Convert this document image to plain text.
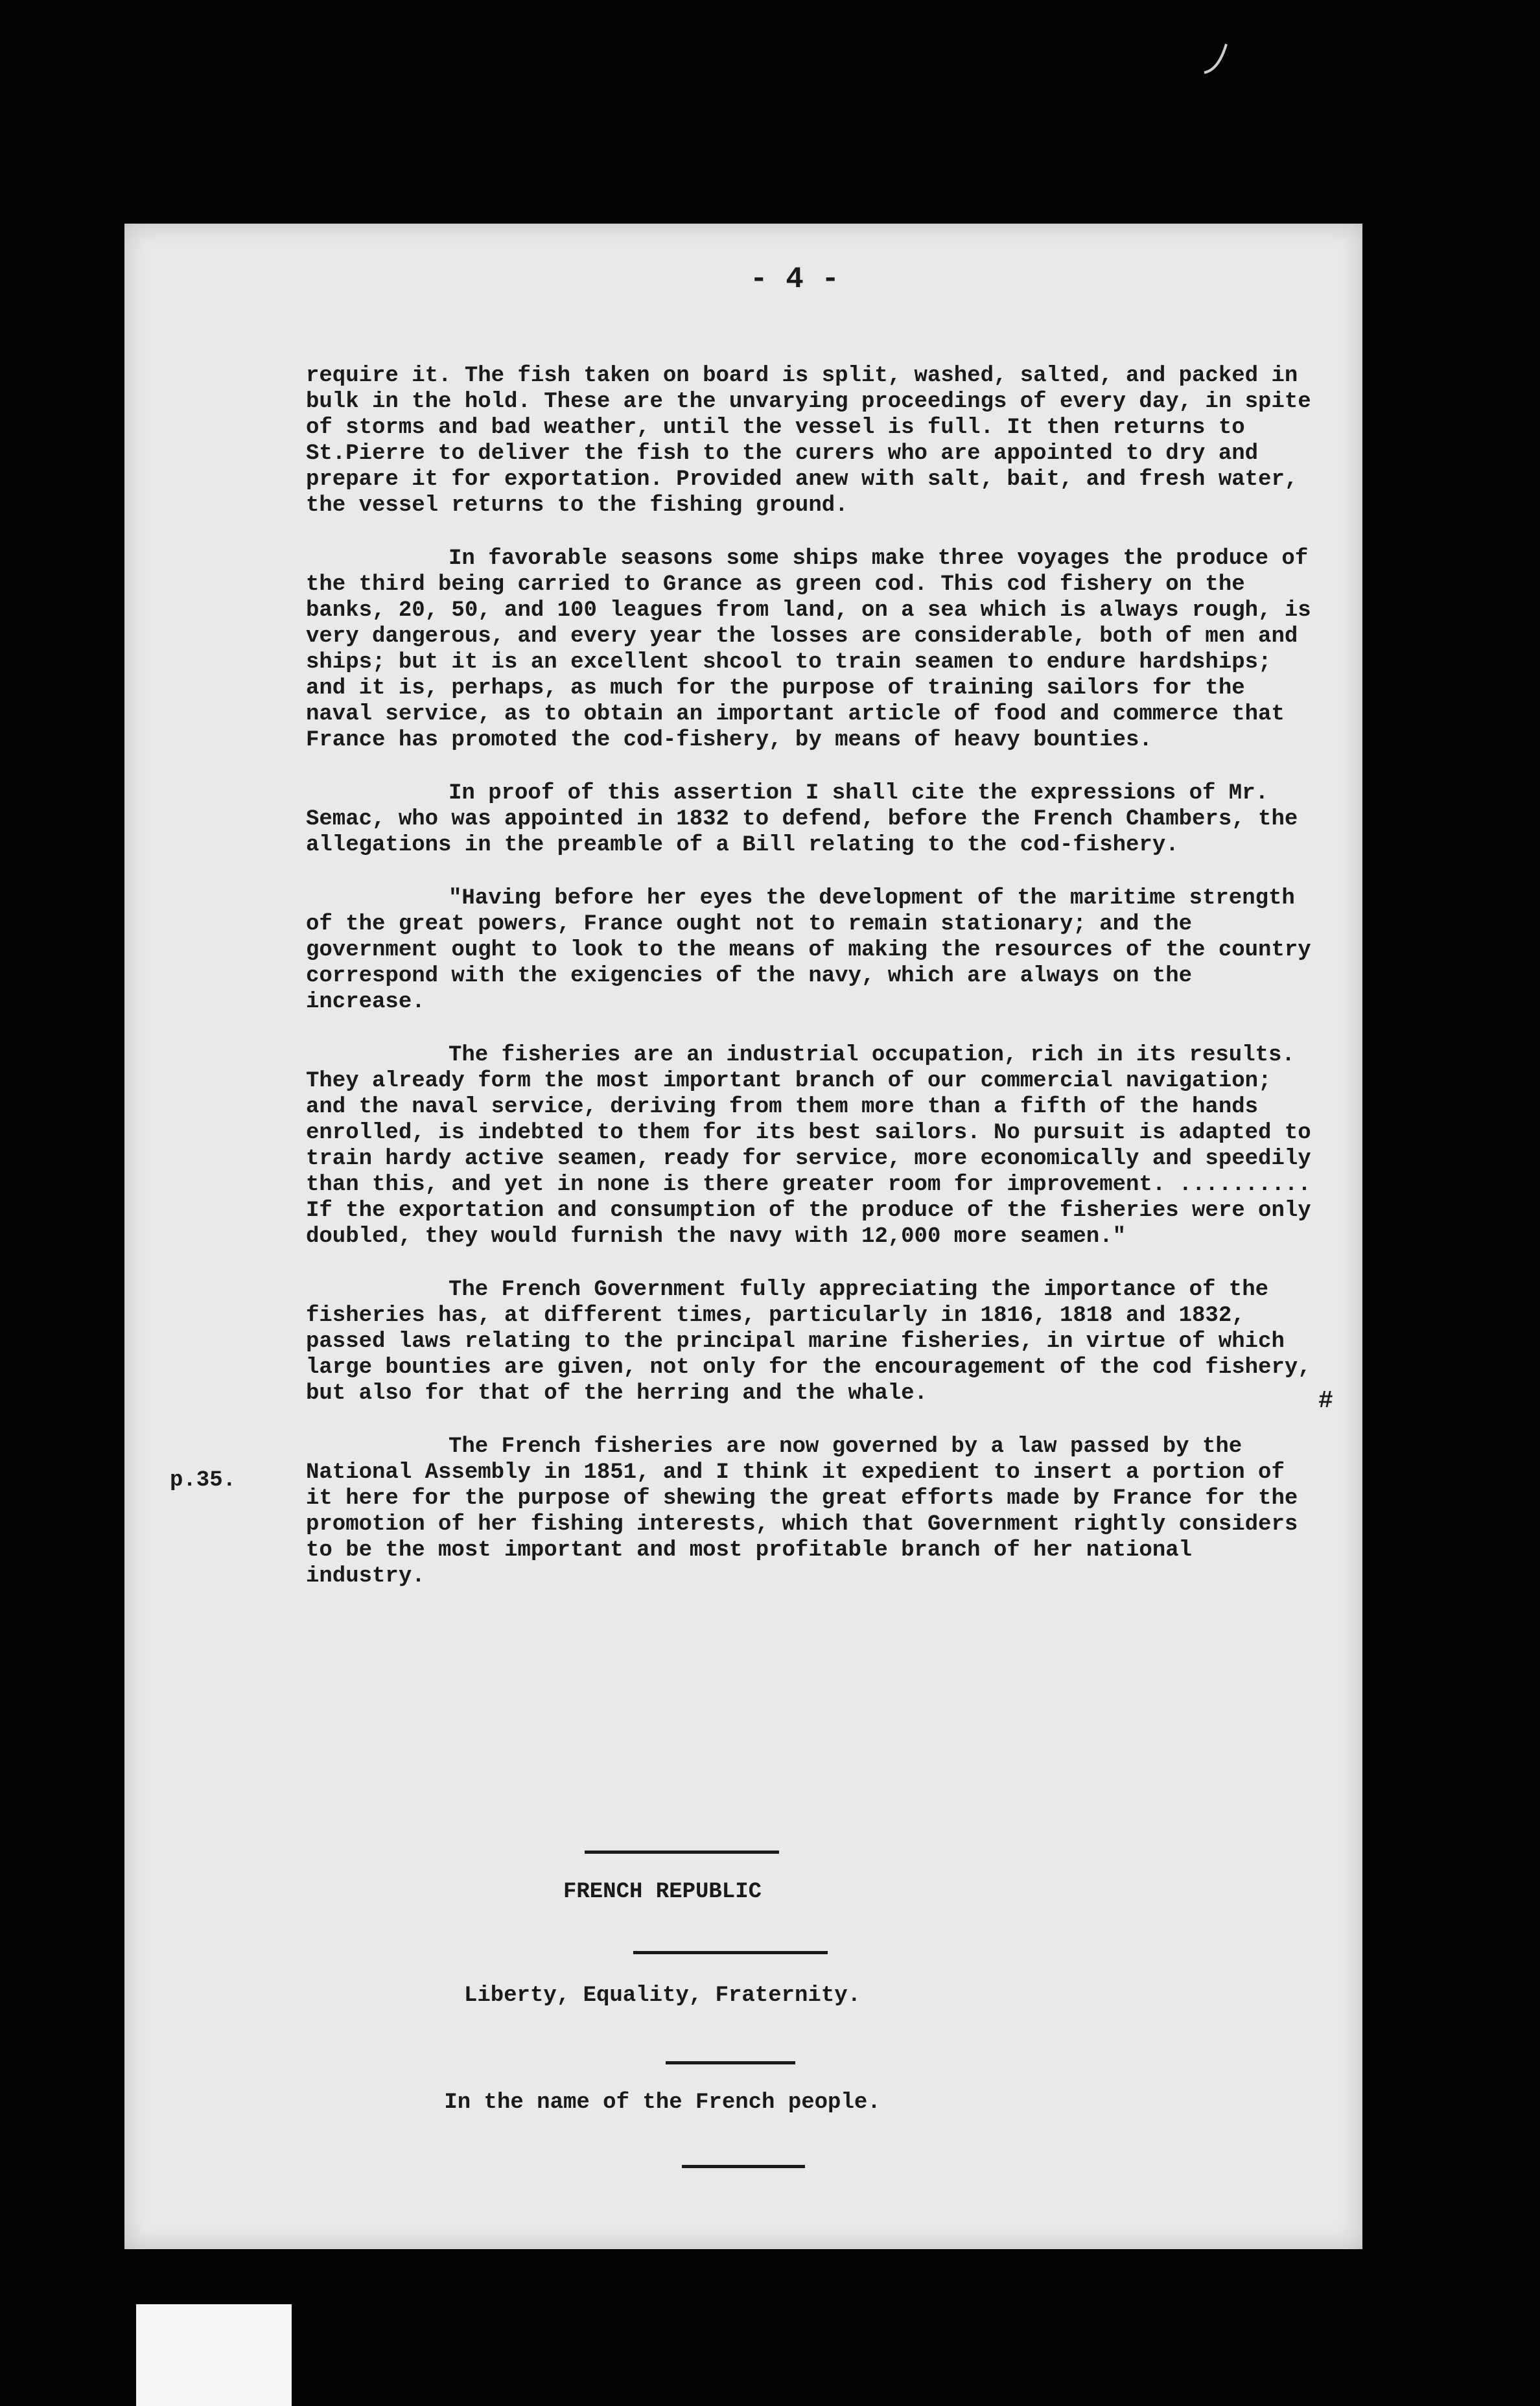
- 4 -

require it. The fish taken on board is split, washed, salted, and packed in bulk in the hold. These are the unvarying proceedings of every day, in spite of storms and bad weather, until the vessel is full. It then returns to St.Pierre to deliver the fish to the curers who are appointed to dry and prepare it for exportation. Provided anew with salt, bait, and fresh water, the vessel returns to the fishing ground.

In favorable seasons some ships make three voyages the produce of the third being carried to Grance as green cod. This cod fishery on the banks, 20, 50, and 100 leagues from land, on a sea which is always rough, is very dangerous, and every year the losses are considerable, both of men and ships; but it is an excellent shcool to train seamen to endure hardships; and it is, perhaps, as much for the purpose of training sailors for the naval service, as to obtain an important article of food and commerce that France has promoted the cod-fishery, by means of heavy bounties.

In proof of this assertion I shall cite the expressions of Mr. Semac, who was appointed in 1832 to defend, before the French Chambers, the allegations in the preamble of a Bill relating to the cod-fishery.

"Having before her eyes the development of the maritime strength of the great powers, France ought not to remain stationary; and the government ought to look to the means of making the resources of the country correspond with the exigencies of the navy, which are always on the increase.

The fisheries are an industrial occupation, rich in its results. They already form the most important branch of our commercial navigation; and the naval service, deriving from them more than a fifth of the hands enrolled, is indebted to them for its best sailors. No pursuit is adapted to train hardy active seamen, ready for service, more economically and speedily than this, and yet in none is there greater room for improvement. .......... If the exportation and consumption of the produce of the fisheries were only doubled, they would furnish the navy with 12,000 more seamen."

The French Government fully appreciating the importance of the fisheries has, at different times, particularly in 1816, 1818 and 1832, passed laws relating to the principal marine fisheries, in virtue of which large bounties are given, not only for the encouragement of the cod fishery, but also for that of the herring and the whale.

The French fisheries are now governed by a law passed by the National Assembly in 1851, and I think it expedient to insert a portion of it here for the purpose of shewing the great efforts made by France for the promotion of her fishing interests, which that Government rightly considers to be the most important and most profitable branch of her national industry.

p.35.
#
FRENCH REPUBLIC
Liberty, Equality, Fraternity.
In the name of the French people.
